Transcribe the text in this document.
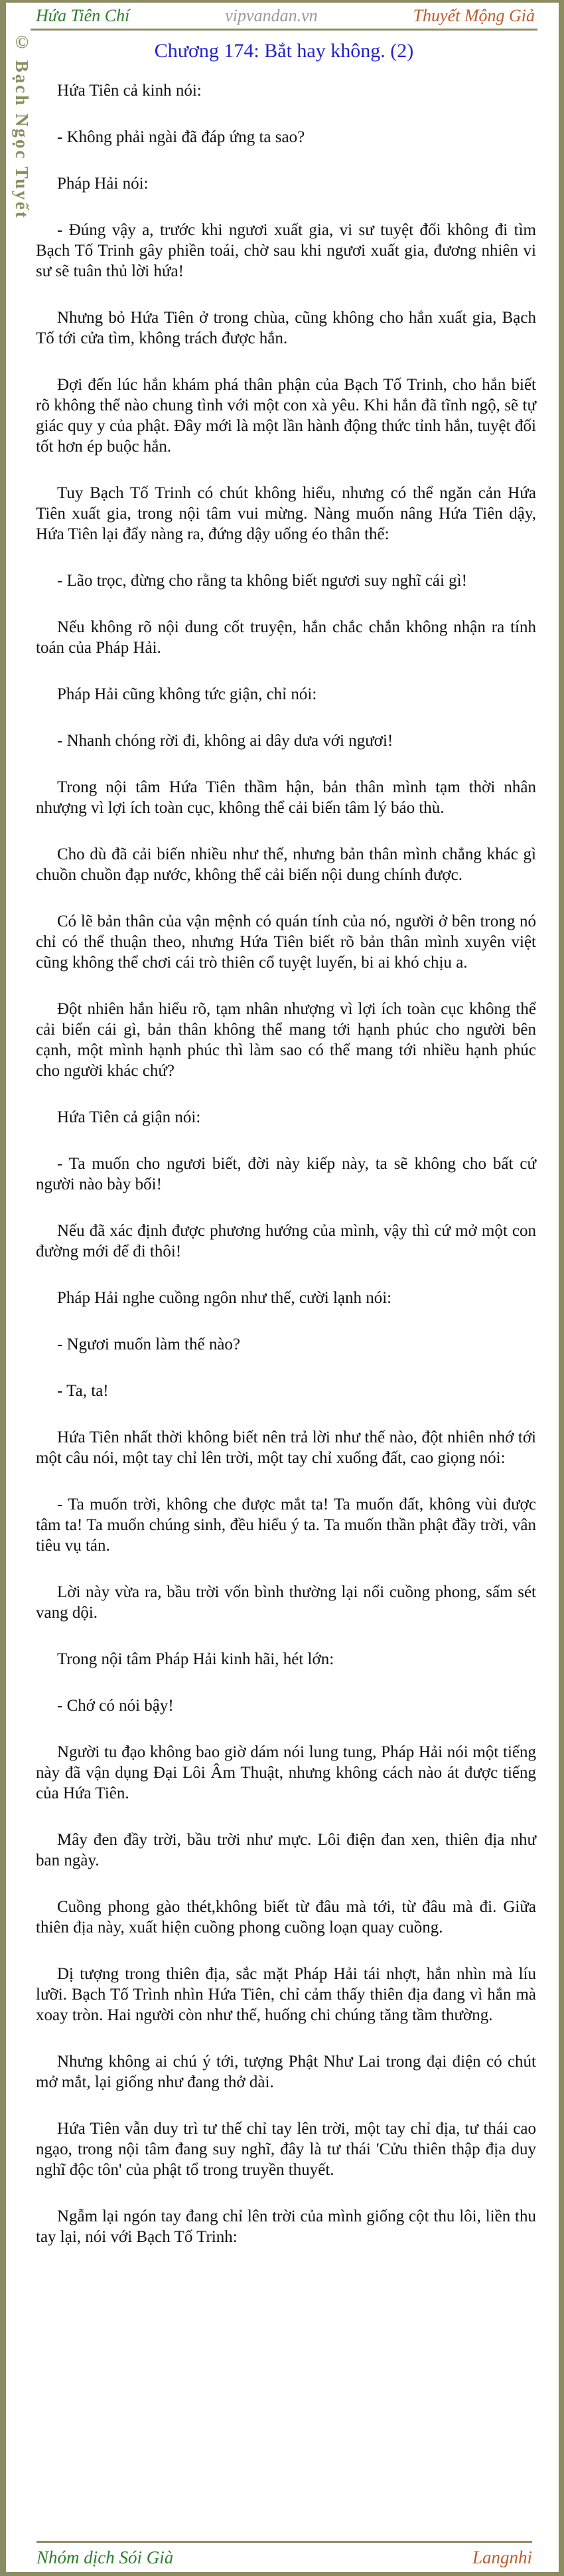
© Bạch Ngọc Tuyết
Hứa Tiên Chí	vipvandan.vn	Thuyết Mộng Giả
Chương 174: Bắt hay không. (2)

Hứa Tiên cả kinh nói:

- Không phải ngài đã đáp ứng ta sao?

Pháp Hải nói:

- Đúng vậy a, trước khi ngươi xuất gia, vi sư tuyệt đối không đi tìm Bạch Tố Trinh gây phiền toái, chờ sau khi ngươi xuất gia, đương nhiên vi sư sẽ tuân thủ lời hứa!

Nhưng bỏ Hứa Tiên ở trong chùa, cũng không cho hắn xuất gia, Bạch Tố tới cửa tìm, không trách được hắn.

Đợi đến lúc hắn khám phá thân phận của Bạch Tố Trinh, cho hắn biết rõ không thể nào chung tình với một con xà yêu. Khi hắn đã tĩnh ngộ, sẽ tự giác quy y của phật. Đây mới là một lần hành động thức tỉnh hắn, tuyệt đối tốt hơn ép buộc hắn.

Tuy Bạch Tố Trinh có chút không hiểu, nhưng có thể ngăn cản Hứa Tiên xuất gia, trong nội tâm vui mừng. Nàng muốn nâng Hứa Tiên dậy, Hứa Tiên lại đẩy nàng ra, đứng dậy uống éo thân thể:

- Lão trọc, đừng cho rằng ta không biết ngươi suy nghĩ cái gì!

Nếu không rõ nội dung cốt truyện, hắn chắc chắn không nhận ra tính toán của Pháp Hải.

Pháp Hải cũng không tức giận, chỉ nói:

- Nhanh chóng rời đi, không ai dây dưa với ngươi!

Trong nội tâm Hứa Tiên thầm hận, bản thân mình tạm thời nhân nhượng vì lợi ích toàn cục, không thể cải biến tâm lý báo thù.

Cho dù đã cải biến nhiều như thế, nhưng bản thân mình chẳng khác gì chuồn chuồn đạp nước, không thể cải biến nội dung chính được.

Có lẽ bản thân của vận mệnh có quán tính của nó, người ở bên trong nó chỉ có thể thuận theo, nhưng Hứa Tiên biết rõ bản thân mình xuyên việt cũng không thể chơi cái trò thiên cổ tuyệt luyến, bi ai khó chịu a.

Đột nhiên hắn hiểu rõ, tạm nhân nhượng vì lợi ích toàn cục không thể cải biến cái gì, bản thân không thể mang tới hạnh phúc cho người bên cạnh, một mình hạnh phúc thì làm sao có thể mang tới nhiều hạnh phúc cho người khác chứ?

Hứa Tiên cả giận nói:

- Ta muốn cho ngươi biết, đời này kiếp này, ta sẽ không cho bất cứ người nào bày bối!

Nếu đã xác định được phương hướng của mình, vậy thì cứ mở một con đường mới để đi thôi!

Pháp Hải nghe cuồng ngôn như thế, cười lạnh nói:

- Ngươi muốn làm thế nào?

- Ta, ta!

Hứa Tiên nhất thời không biết nên trả lời như thế nào, đột nhiên nhớ tới một câu nói, một tay chỉ lên trời, một tay chỉ xuống đất, cao giọng nói:

- Ta muốn trời, không che được mắt ta! Ta muốn đất, không vùi được tâm ta! Ta muốn chúng sinh, đều hiểu ý ta. Ta muốn thần phật đầy trời, vân tiêu vụ tán.

Lời này vừa ra, bầu trời vốn bình thường lại nổi cuồng phong, sấm sét vang dội.

Trong nội tâm Pháp Hải kinh hãi, hét lớn:

- Chớ có nói bậy!

Người tu đạo không bao giờ dám nói lung tung, Pháp Hải nói một tiếng này đã vận dụng Đại Lôi Âm Thuật, nhưng không cách nào át được tiếng của Hứa Tiên.

Mây đen đầy trời, bầu trời như mực. Lôi điện đan xen, thiên địa như ban ngày.

Cuồng phong gào thét,không biết từ đâu mà tới, từ đâu mà đi. Giữa thiên địa này, xuất hiện cuồng phong cuồng loạn quay cuồng.

Dị tượng trong thiên địa, sắc mặt Pháp Hải tái nhợt, hắn nhìn mà líu lưỡi. Bạch Tố Trình nhìn Hứa Tiên, chỉ cảm thấy thiên địa đang vì hắn mà xoay tròn. Hai người còn như thế, huống chi chúng tăng tầm thường.

Nhưng không ai chú ý tới, tượng Phật Như Lai trong đại điện có chút mở mắt, lại giống như đang thở dài.

Hứa Tiên vẫn duy trì tư thế chỉ tay lên trời, một tay chỉ địa, tư thái cao ngạo, trong nội tâm đang suy nghĩ, đây là tư thái 'Cửu thiên thập địa duy nghĩ độc tôn' của phật tổ trong truyền thuyết.

Ngẫm lại ngón tay đang chỉ lên trời của mình giống cột thu lôi, liền thu tay lại, nói với Bạch Tố Trinh:

Nhóm dịch Sói Già	Langnhi
